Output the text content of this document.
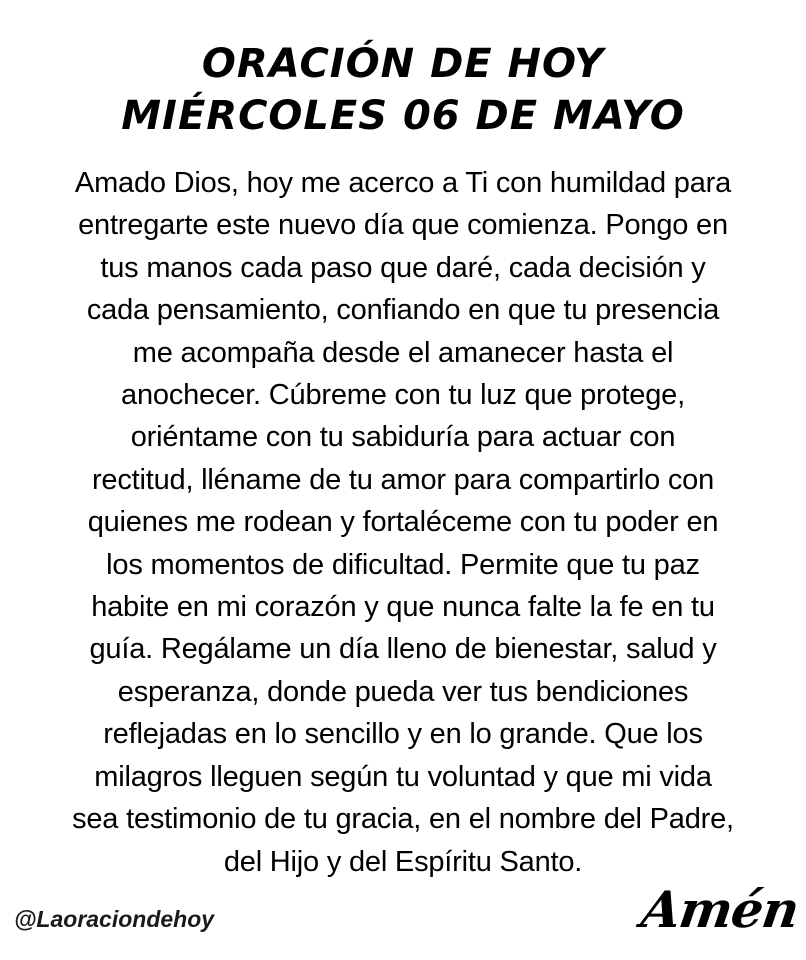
ORACIÓN DE HOY
MIÉRCOLES 06 DE MAYO

Amado Dios, hoy me acerco a Ti con humildad para
entregarte este nuevo día que comienza. Pongo en
tus manos cada paso que daré, cada decisión y
cada pensamiento, confiando en que tu presencia
me acompaña desde el amanecer hasta el
anochecer. Cúbreme con tu luz que protege,
oriéntame con tu sabiduría para actuar con
rectitud, lléname de tu amor para compartirlo con
quienes me rodean y fortaléceme con tu poder en
los momentos de dificultad. Permite que tu paz
habite en mi corazón y que nunca falte la fe en tu
guía. Regálame un día lleno de bienestar, salud y
esperanza, donde pueda ver tus bendiciones
reflejadas en lo sencillo y en lo grande. Que los
milagros lleguen según tu voluntad y que mi vida
sea testimonio de tu gracia, en el nombre del Padre,
del Hijo y del Espíritu Santo.

@Laoraciondehoy	Amén
